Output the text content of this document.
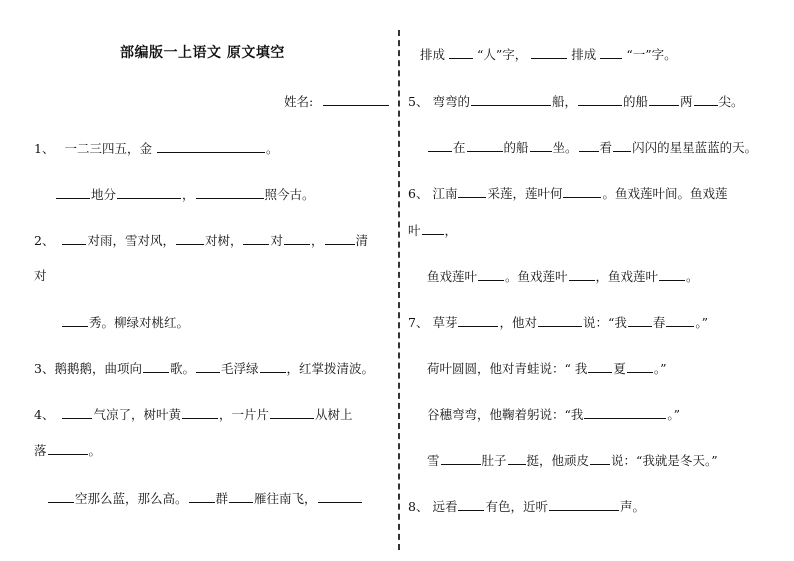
部编版一上语文 原文填空
姓名:
1、 一二三四五，金	。
地分	，	照今古。
2、	对雨，雪对风， 对树， 对 ，	清
对
秀。柳绿对桃红。
3、鹅鹅鹅，曲项向 歌。 毛浮绿 ，红掌拨清波。
4、	气凉了，树叶黄	，一片片	从树上
落	。
空那么蓝，那么高。 群 雁往南飞，
排成	“人”字，	排成 “一”字。
5、 弯弯的	船，	的船	两 尖。
在	的船 坐。 看 闪闪的星星蓝蓝的天。
6、 江南 采莲，莲叶何	。鱼戏莲叶间。鱼戏莲
叶 ，
鱼戏莲叶 。鱼戏莲叶 ，鱼戏莲叶 。
7、 草芽	，他对	说：“我 春 。”
荷叶圆圆，他对青蛙说：“ 我 夏 。”
谷穗弯弯，他鞠着躬说：“我	。”
雪	肚子 挺，他顽皮 说：“我就是冬天。”
8、 远看 有色，近听	声。
